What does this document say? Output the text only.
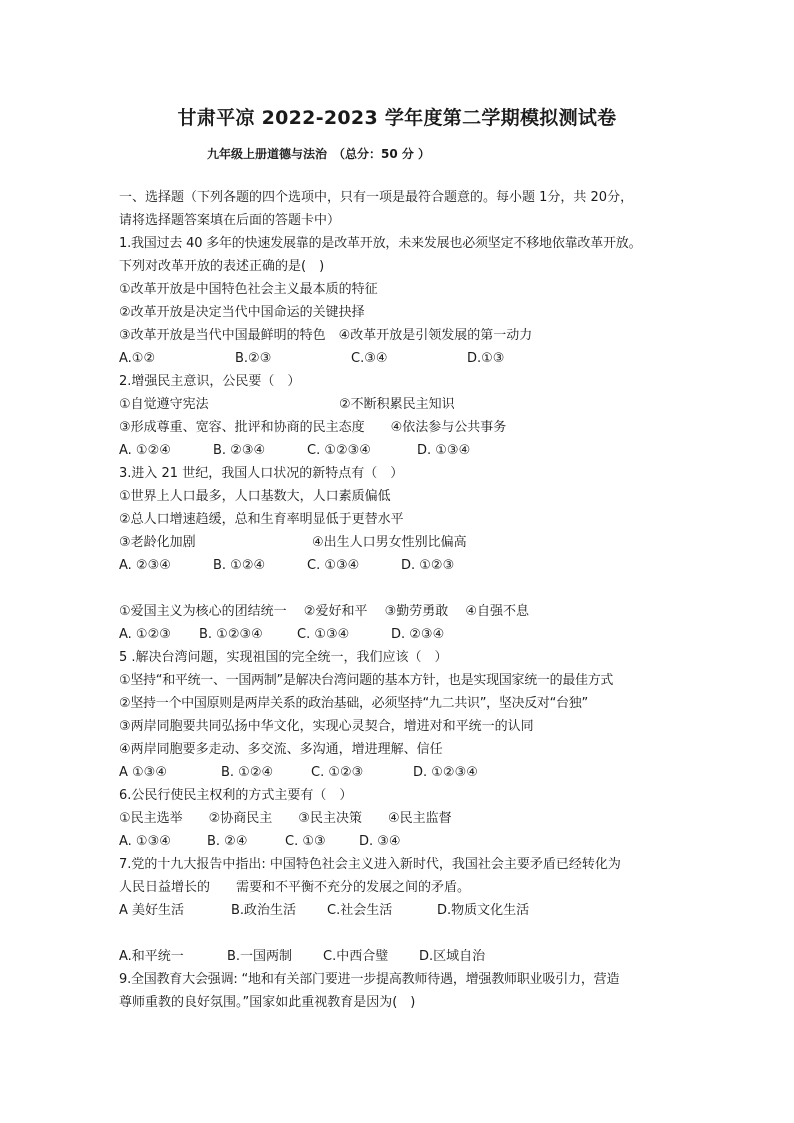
甘肃平凉 2022-2023 学年度第二学期模拟测试卷
九年级上册道德与法治　（总分：50 分 ）
一、选择题（下列各题的四个选项中，只有一项是最符合题意的。每小题 1分，共 20分，
请将选择题答案填在后面的答题卡中）
1.我国过去 40 多年的快速发展靠的是改革开放，未来发展也必须坚定不移地依靠改革开放。
下列对改革开放的表述正确的是(　)
①改革开放是中国特色社会主义最本质的特征
②改革开放是决定当代中国命运的关键抉择
③改革开放是当代中国最鲜明的特色　④改革开放是引领发展的第一动力
A.①②	B.②③	C.③④	D.①③
2.增强民主意识，公民要（　）
①自觉遵守宪法	②不断积累民主知识
③形成尊重、宽容、批评和协商的民主态度　　④依法参与公共事务
A. ①②④	B. ②③④	C. ①②③④	D. ①③④
3.进入 21 世纪，我国人口状况的新特点有（　）
①世界上人口最多，人口基数大，人口素质偏低
②总人口增速趋缓，总和生育率明显低于更替水平
③老龄化加剧	④出生人口男女性别比偏高
A. ②③④	B. ①②④	C. ①③④	D. ①②③

①爱国主义为核心的团结统一　 ②爱好和平　 ③勤劳勇敢　 ④自强不息
A. ①②③	B. ①②③④	C. ①③④	D. ②③④
5 .解决台湾问题，实现祖国的完全统一，我们应该（　）
①坚持“和平统一、一国两制”是解决台湾问题的基本方针，也是实现国家统一的最佳方式
②坚持一个中国原则是两岸关系的政治基础，必须坚持“九二共识”，坚决反对“台独”
③两岸同胞要共同弘扬中华文化，实现心灵契合，增进对和平统一的认同
④两岸同胞要多走动、多交流、多沟通，增进理解、信任
A ①③④	B. ①②④	C. ①②③	D. ①②③④
6.公民行使民主权利的方式主要有（　）
①民主选举　　②协商民主　　③民主决策　　④民主监督
A. ①③④	B. ②④	C. ①③	D. ③④
7.党的十九大报告中指出: 中国特色社会主义进入新时代，我国社会主要矛盾已经转化为
人民日益增长的　　需要和不平衡不充分的发展之间的矛盾。
A 美好生活	B.政治生活	C.社会生活	D.物质文化生活

A.和平统一	B.一国两制	C.中西合璧	D.区域自治
9.全国教育大会强调: “地和有关部门要进一步提高教师待遇，增强教师职业吸引力，营造
尊师重教的良好氛围。”国家如此重视教育是因为(　)
